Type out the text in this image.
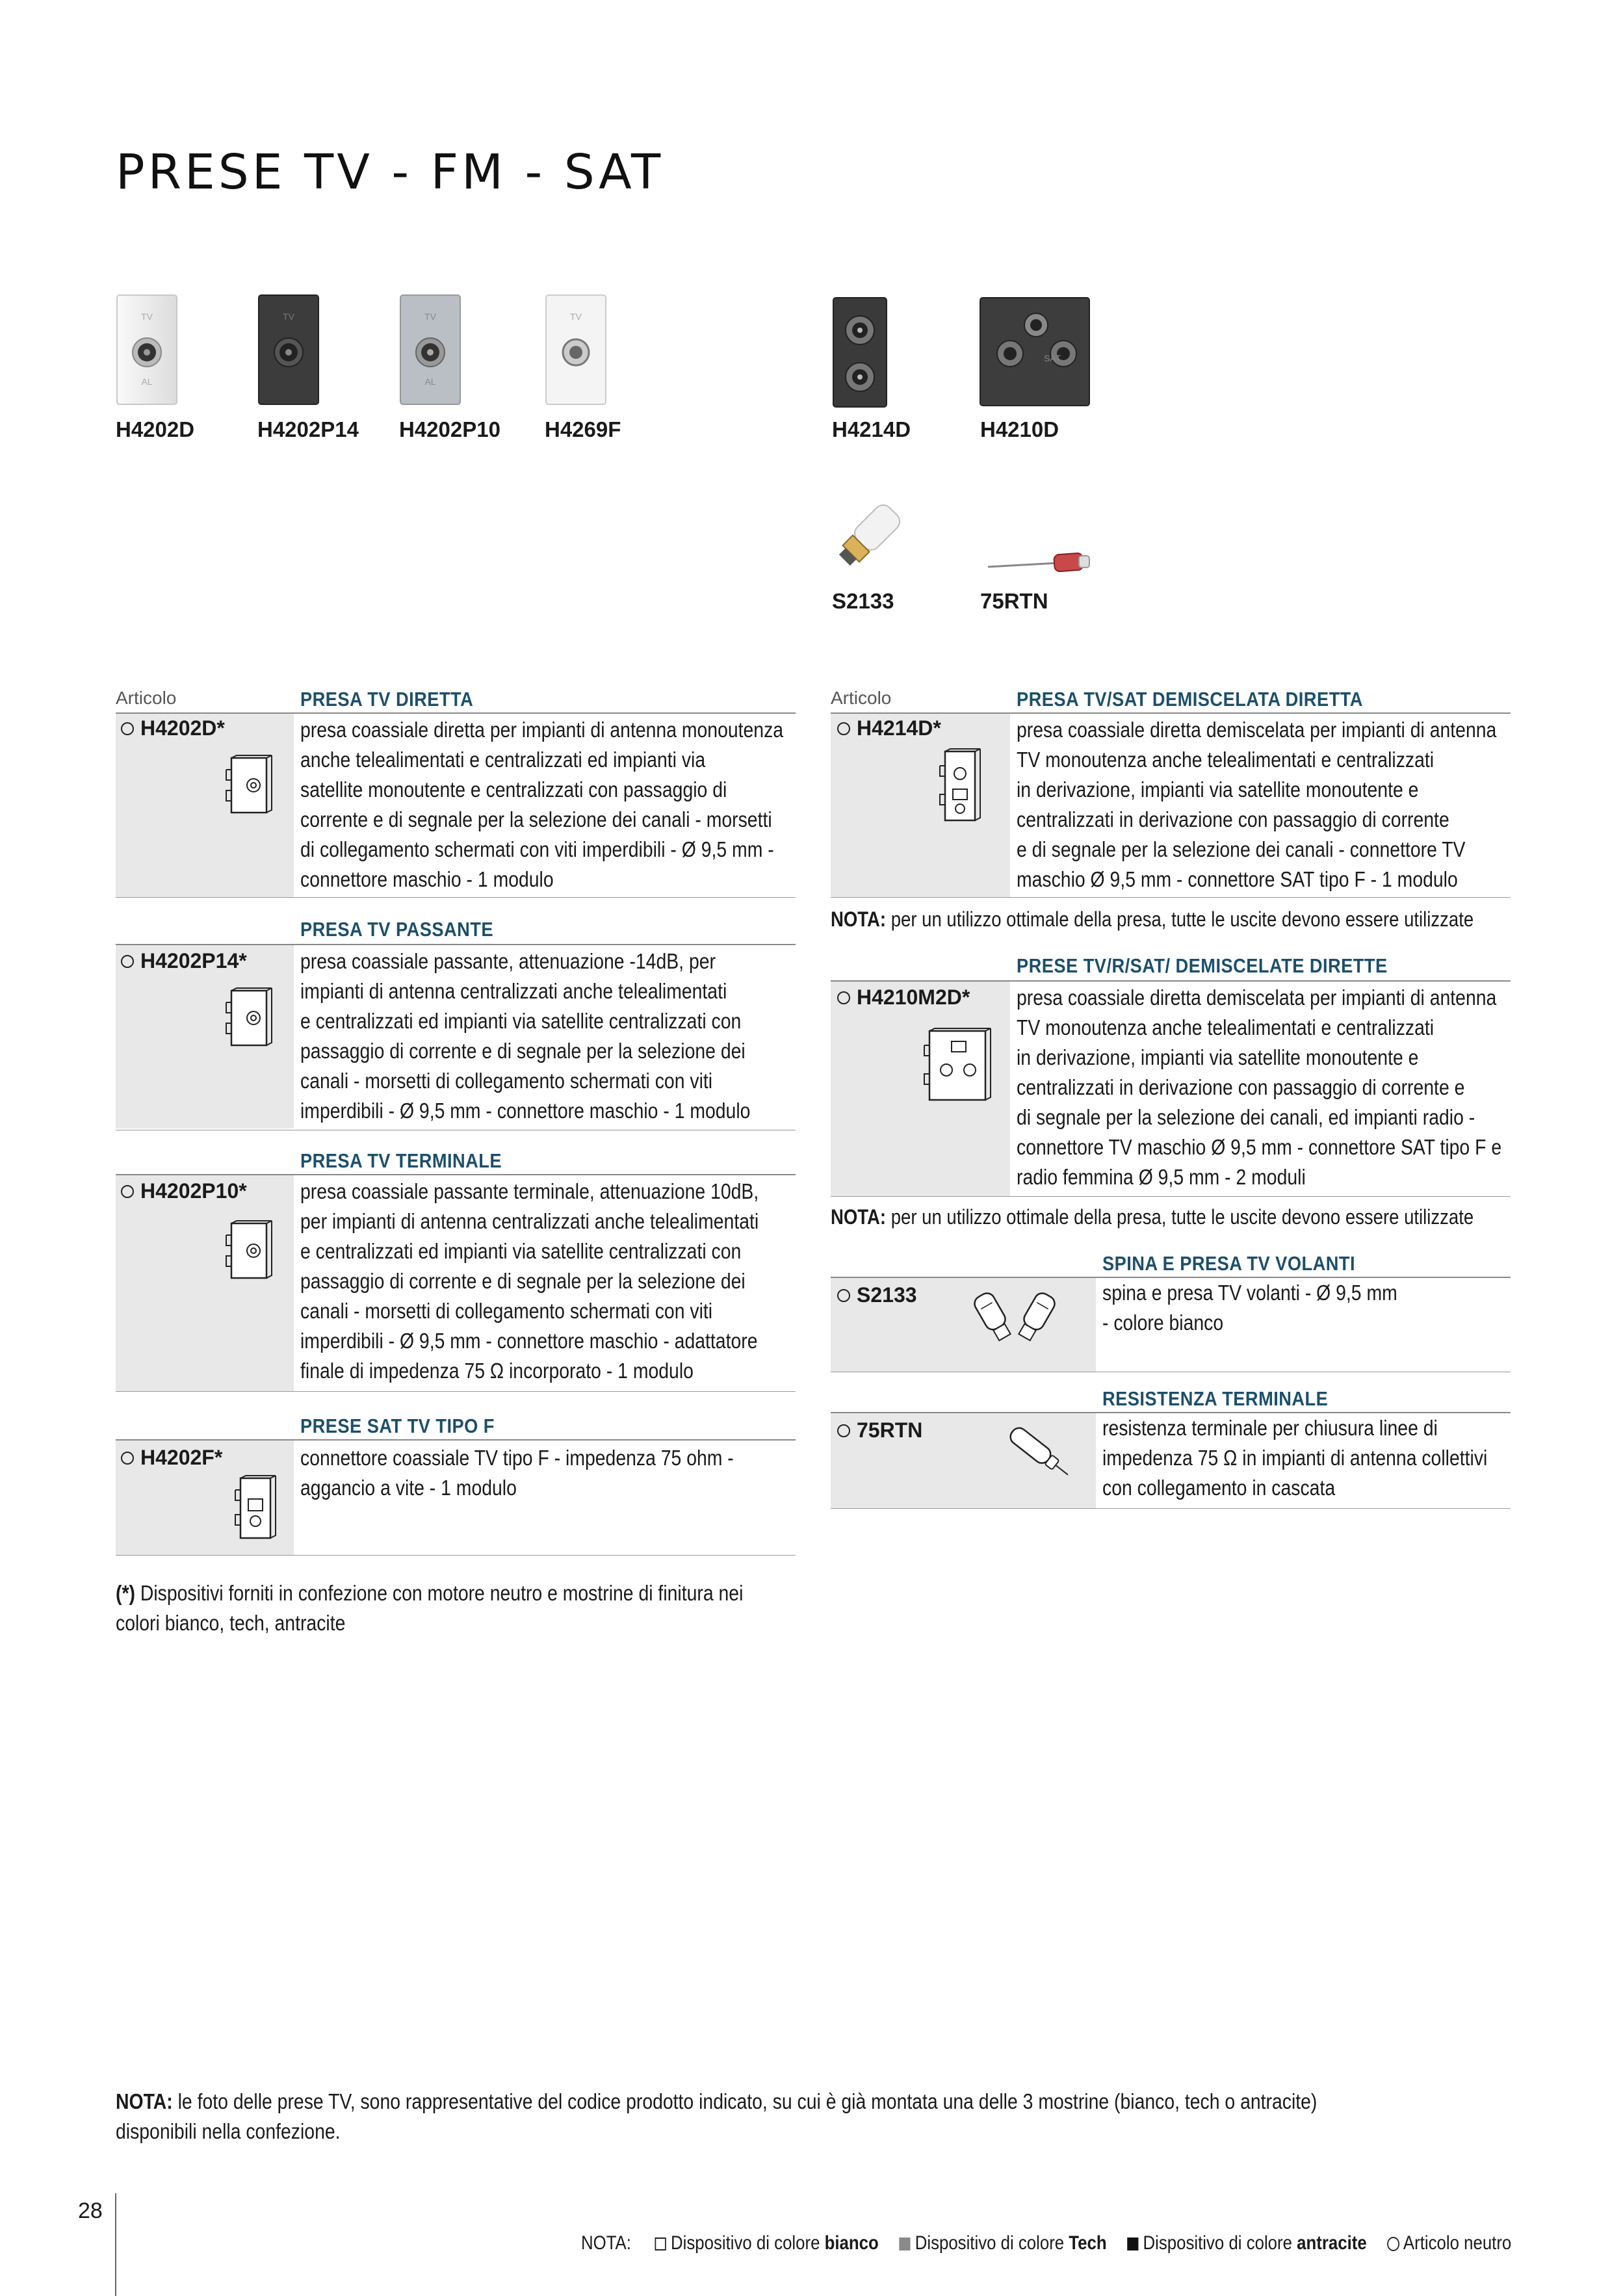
PRESE TV - FM - SAT
TV
AL
TV	TV
AL
TV
SAT
H4202D	H4202P14 H4202P10 H4269F	H4214D	H4210D
S2133	75RTN
Articolo	PRESA TV DIRETTA
H4202D*	presa coassiale diretta per impianti di antenna monoutenza
anche telealimentati e centralizzati ed impianti via
satellite monoutente e centralizzati con passaggio di
corrente e di segnale per la selezione dei canali - morsetti
di collegamento schermati con viti imperdibili - Ø 9,5 mm -
connettore maschio - 1 modulo
PRESA TV PASSANTE
H4202P14* presa coassiale passante, attenuazione -14dB, per
impianti di antenna centralizzati anche telealimentati
e centralizzati ed impianti via satellite centralizzati con
passaggio di corrente e di segnale per la selezione dei
canali - morsetti di collegamento schermati con viti
imperdibili - Ø 9,5 mm - connettore maschio - 1 modulo
PRESA TV TERMINALE
H4202P10* presa coassiale passante terminale, attenuazione 10dB,
per impianti di antenna centralizzati anche telealimentati
e centralizzati ed impianti via satellite centralizzati con
passaggio di corrente e di segnale per la selezione dei
canali - morsetti di collegamento schermati con viti
imperdibili - Ø 9,5 mm - connettore maschio - adattatore
finale di impedenza 75 Ω incorporato - 1 modulo
PRESE SAT TV TIPO F
H4202F*	connettore coassiale TV tipo F - impedenza 75 ohm -
aggancio a vite - 1 modulo
(*) Dispositivi forniti in confezione con motore neutro e mostrine di finitura nei
colori bianco, tech, antracite
Articolo	PRESA TV/SAT DEMISCELATA DIRETTA
H4214D*	presa coassiale diretta demiscelata per impianti di antenna
TV monoutenza anche telealimentati e centralizzati
in derivazione, impianti via satellite monoutente e
centralizzati in derivazione con passaggio di corrente
e di segnale per la selezione dei canali - connettore TV
maschio Ø 9,5 mm - connettore SAT tipo F - 1 modulo
NOTA: per un utilizzo ottimale della presa, tutte le uscite devono essere utilizzate
PRESE TV/R/SAT/ DEMISCELATE DIRETTE
H4210M2D* presa coassiale diretta demiscelata per impianti di antenna
TV monoutenza anche telealimentati e centralizzati
in derivazione, impianti via satellite monoutente e
centralizzati in derivazione con passaggio di corrente e
di segnale per la selezione dei canali, ed impianti radio -
connettore TV maschio Ø 9,5 mm - connettore SAT tipo F e
radio femmina Ø 9,5 mm - 2 moduli
NOTA: per un utilizzo ottimale della presa, tutte le uscite devono essere utilizzate
SPINA E PRESA TV VOLANTI
S2133	spina e presa TV volanti - Ø 9,5 mm
- colore bianco
RESISTENZA TERMINALE
75RTN	resistenza terminale per chiusura linee di
impedenza 75 Ω in impianti di antenna collettivi
con collegamento in cascata
NOTA: le foto delle prese TV, sono rappresentative del codice prodotto indicato, su cui è già montata una delle 3 mostrine (bianco, tech o antracite)
disponibili nella confezione.
28
NOTA: Dispositivo di colore bianco Dispositivo di colore Tech Dispositivo di colore antracite Articolo neutro
